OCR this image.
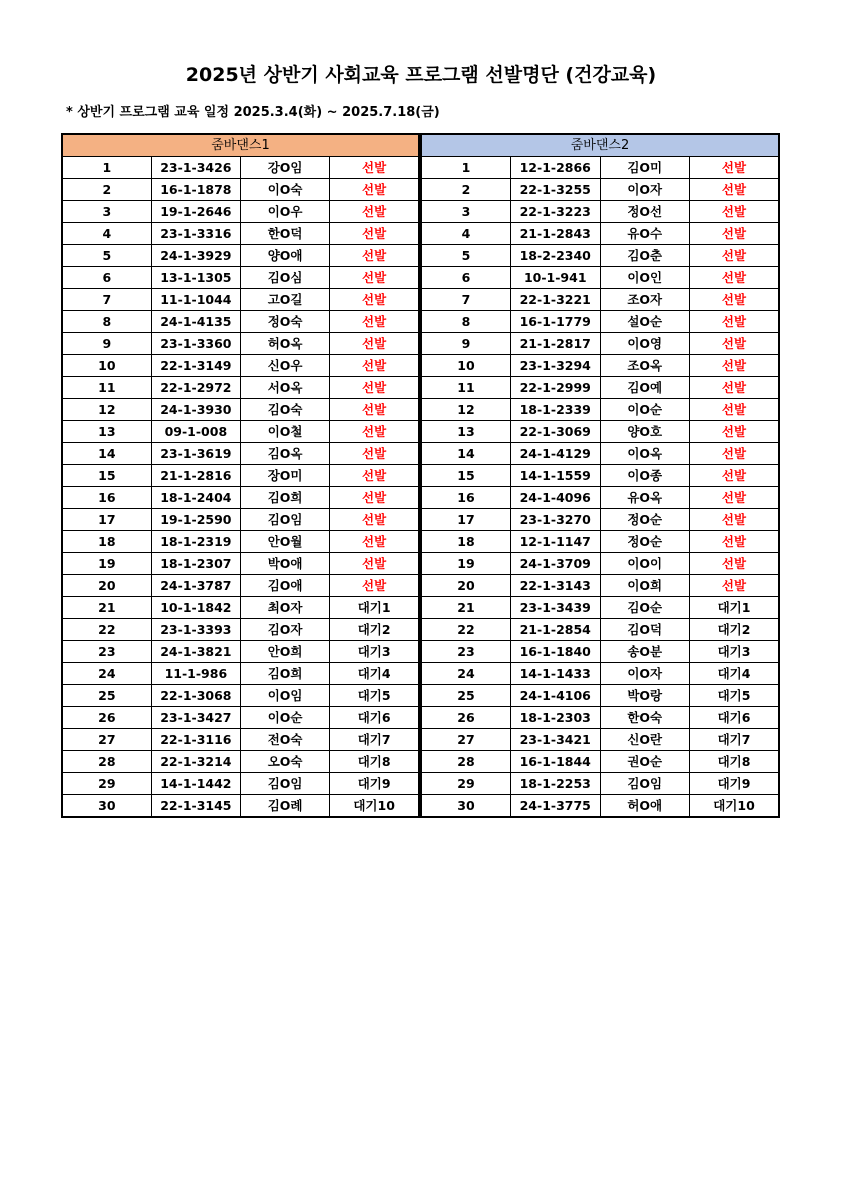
2025년 상반기 사회교육 프로그램 선발명단 (건강교육)
* 상반기 프로그램 교육 일정 2025.3.4(화) ~ 2025.7.18(금)
줌바댄스1			
1	23-1-3426	강O임	선발
2	16-1-1878	이O숙	선발
3	19-1-2646	이O우	선발
4	23-1-3316	한O덕	선발
5	24-1-3929	양O애	선발
6	13-1-1305	김O심	선발
7	11-1-1044	고O길	선발
8	24-1-4135	정O숙	선발
9	23-1-3360	허O옥	선발
10	22-1-3149	신O우	선발
11	22-1-2972	서O옥	선발
12	24-1-3930	김O숙	선발
13	09-1-008	이O철	선발
14	23-1-3619	김O옥	선발
15	21-1-2816	장O미	선발
16	18-1-2404	김O희	선발
17	19-1-2590	김O임	선발
18	18-1-2319	안O월	선발
19	18-1-2307	박O애	선발
20	24-1-3787	김O애	선발
21	10-1-1842	최O자	대기1
22	23-1-3393	김O자	대기2
23	24-1-3821	안O희	대기3
24	11-1-986	김O희	대기4
25	22-1-3068	이O임	대기5
26	23-1-3427	이O순	대기6
27	22-1-3116	전O숙	대기7
28	22-1-3214	오O숙	대기8
29	14-1-1442	김O임	대기9
30	22-1-3145	김O례	대기10
줌바댄스2			
1	12-1-2866	김O미	선발
2	22-1-3255	이O자	선발
3	22-1-3223	정O선	선발
4	21-1-2843	유O수	선발
5	18-2-2340	김O춘	선발
6	10-1-941	이O인	선발
7	22-1-3221	조O자	선발
8	16-1-1779	설O순	선발
9	21-1-2817	이O영	선발
10	23-1-3294	조O옥	선발
11	22-1-2999	김O예	선발
12	18-1-2339	이O순	선발
13	22-1-3069	양O호	선발
14	24-1-4129	이O옥	선발
15	14-1-1559	이O종	선발
16	24-1-4096	유O옥	선발
17	23-1-3270	정O순	선발
18	12-1-1147	정O순	선발
19	24-1-3709	이O이	선발
20	22-1-3143	이O희	선발
21	23-1-3439	김O순	대기1
22	21-1-2854	김O덕	대기2
23	16-1-1840	송O분	대기3
24	14-1-1433	이O자	대기4
25	24-1-4106	박O랑	대기5
26	18-1-2303	한O숙	대기6
27	23-1-3421	신O란	대기7
28	16-1-1844	권O순	대기8
29	18-1-2253	김O임	대기9
30	24-1-3775	허O애	대기10
